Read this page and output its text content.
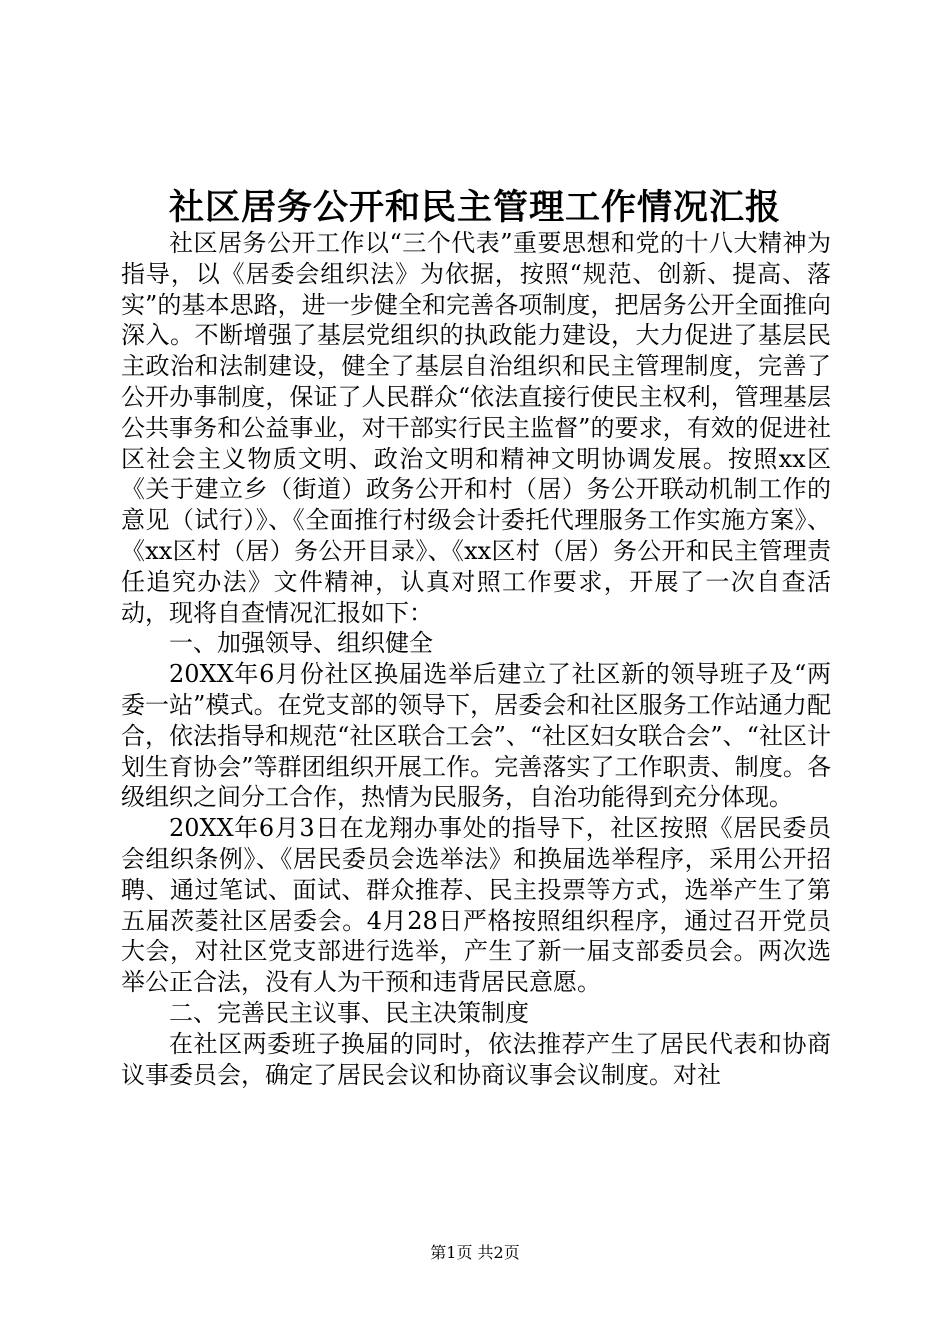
社区居务公开和民主管理工作情况汇报

社区居务公开工作以“三个代表”重要思想和党的十八大精神为指导，以《居委会组织法》为依据，按照“规范、创新、提高、落实”的基本思路，进一步健全和完善各项制度，把居务公开全面推向深入。不断增强了基层党组织的执政能力建设，大力促进了基层民主政治和法制建设，健全了基层自治组织和民主管理制度，完善了公开办事制度，保证了人民群众“依法直接行使民主权利，管理基层公共事务和公益事业，对干部实行民主监督”的要求，有效的促进社区社会主义物质文明、政治文明和精神文明协调发展。按照xx区《关于建立乡（街道）政务公开和村（居）务公开联动机制工作的意见（试行）》、《全面推行村级会计委托代理服务工作实施方案》、《xx区村（居）务公开目录》、《xx区村（居）务公开和民主管理责任追究办法》文件精神，认真对照工作要求，开展了一次自查活动，现将自查情况汇报如下：

一、加强领导、组织健全

20XX年6月份社区换届选举后建立了社区新的领导班子及“两委一站”模式。在党支部的领导下，居委会和社区服务工作站通力配合，依法指导和规范“社区联合工会”、“社区妇女联合会”、“社区计划生育协会”等群团组织开展工作。完善落实了工作职责、制度。各级组织之间分工合作，热情为民服务，自治功能得到充分体现。

20XX年6月3日在龙翔办事处的指导下，社区按照《居民委员会组织条例》、《居民委员会选举法》和换届选举程序，采用公开招聘、通过笔试、面试、群众推荐、民主投票等方式，选举产生了第五届茨菱社区居委会。4月28日严格按照组织程序，通过召开党员大会，对社区党支部进行选举，产生了新一届支部委员会。两次选举公正合法，没有人为干预和违背居民意愿。

二、完善民主议事、民主决策制度

在社区两委班子换届的同时，依法推荐产生了居民代表和协商议事委员会，确定了居民会议和协商议事会议制度。对社

第1页 共2页
